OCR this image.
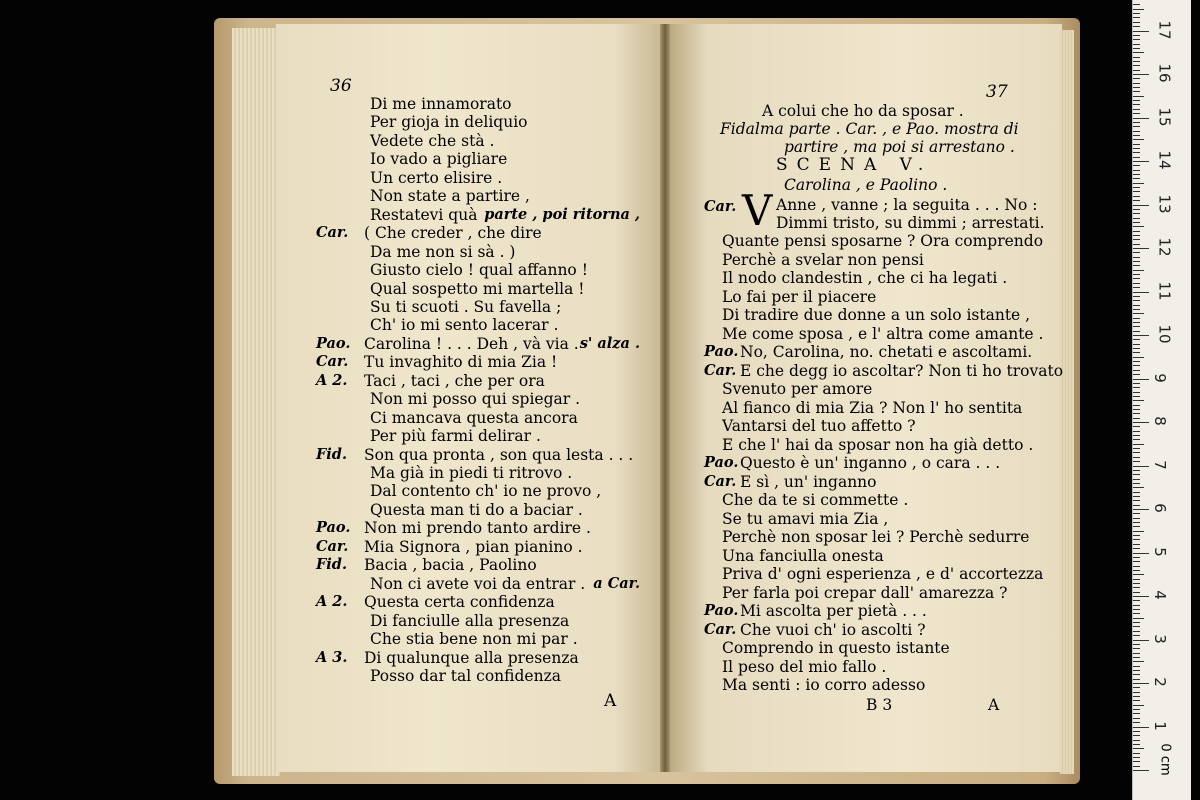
36
Di me innamorato
Per gioja in deliquio
Vedete che stà .
Io vado a pigliare
Un certo elisire .
Non state a partire ,
Restatevi quà parte , poi ritorna ,
Car. ( Che creder , che dire
Da me non si sà . )
Giusto cielo ! qual affanno !
Qual sospetto mi martella !
Su ti scuoti . Su favella ;
Ch' io mi sento lacerar .
Pao. Carolina ! . . . Deh , và via . s' alza .
Car. Tu invaghito di mia Zia !
A 2. Taci , taci , che per ora
Non mi posso qui spiegar .
Ci mancava questa ancora
Per più farmi delirar .
Fid. Son qua pronta , son qua lesta . . .
Ma già in piedi ti ritrovo .
Dal contento ch' io ne provo ,
Questa man ti do a baciar .
Pao. Non mi prendo tanto ardire .
Car. Mia Signora , pian pianino .
Fid. Bacia , bacia , Paolino
Non ci avete voi da entrar . a Car.
A 2. Questa certa confidenza
Di fanciulle alla presenza
Che stia bene non mi par .
A 3. Di qualunque alla presenza
Posso dar tal confidenza
A
37
A colui che ho da sposar .
Fidalma parte . Car. , e Pao. mostra di
partire , ma poi si arrestano .
SCENA V.
Carolina , e Paolino .
Car. V Anne , vanne ; la seguita . . . No :
Dimmi tristo, su dimmi ; arrestati.
Quante pensi sposarne ? Ora comprendo
Perchè a svelar non pensi
Il nodo clandestin , che ci ha legati .
Lo fai per il piacere
Di tradire due donne a un solo istante ,
Me come sposa , e l' altra come amante .
Pao. No, Carolina, no. chetati e ascoltami.
Car. E che degg io ascoltar? Non ti ho trovato
Svenuto per amore
Al fianco di mia Zia ? Non l' ho sentita
Vantarsi del tuo affetto ?
E che l' hai da sposar non ha già detto .
Pao. Questo è un' inganno , o cara . . .
Car. E sì , un' inganno
Che da te si commette .
Se tu amavi mia Zia ,
Perchè non sposar lei ? Perchè sedurre
Una fanciulla onesta
Priva d' ogni esperienza , e d' accortezza
Per farla poi crepar dall' amarezza ?
Pao. Mi ascolta per pietà . . .
Car. Che vuoi ch' io ascolti ?
Comprendo in questo istante
Il peso del mio fallo .
Ma senti : io corro adesso
B 3	A
0 cm
1
2
3
4
5
6
7
8
9
10
11
12
13
14
15
16
17
